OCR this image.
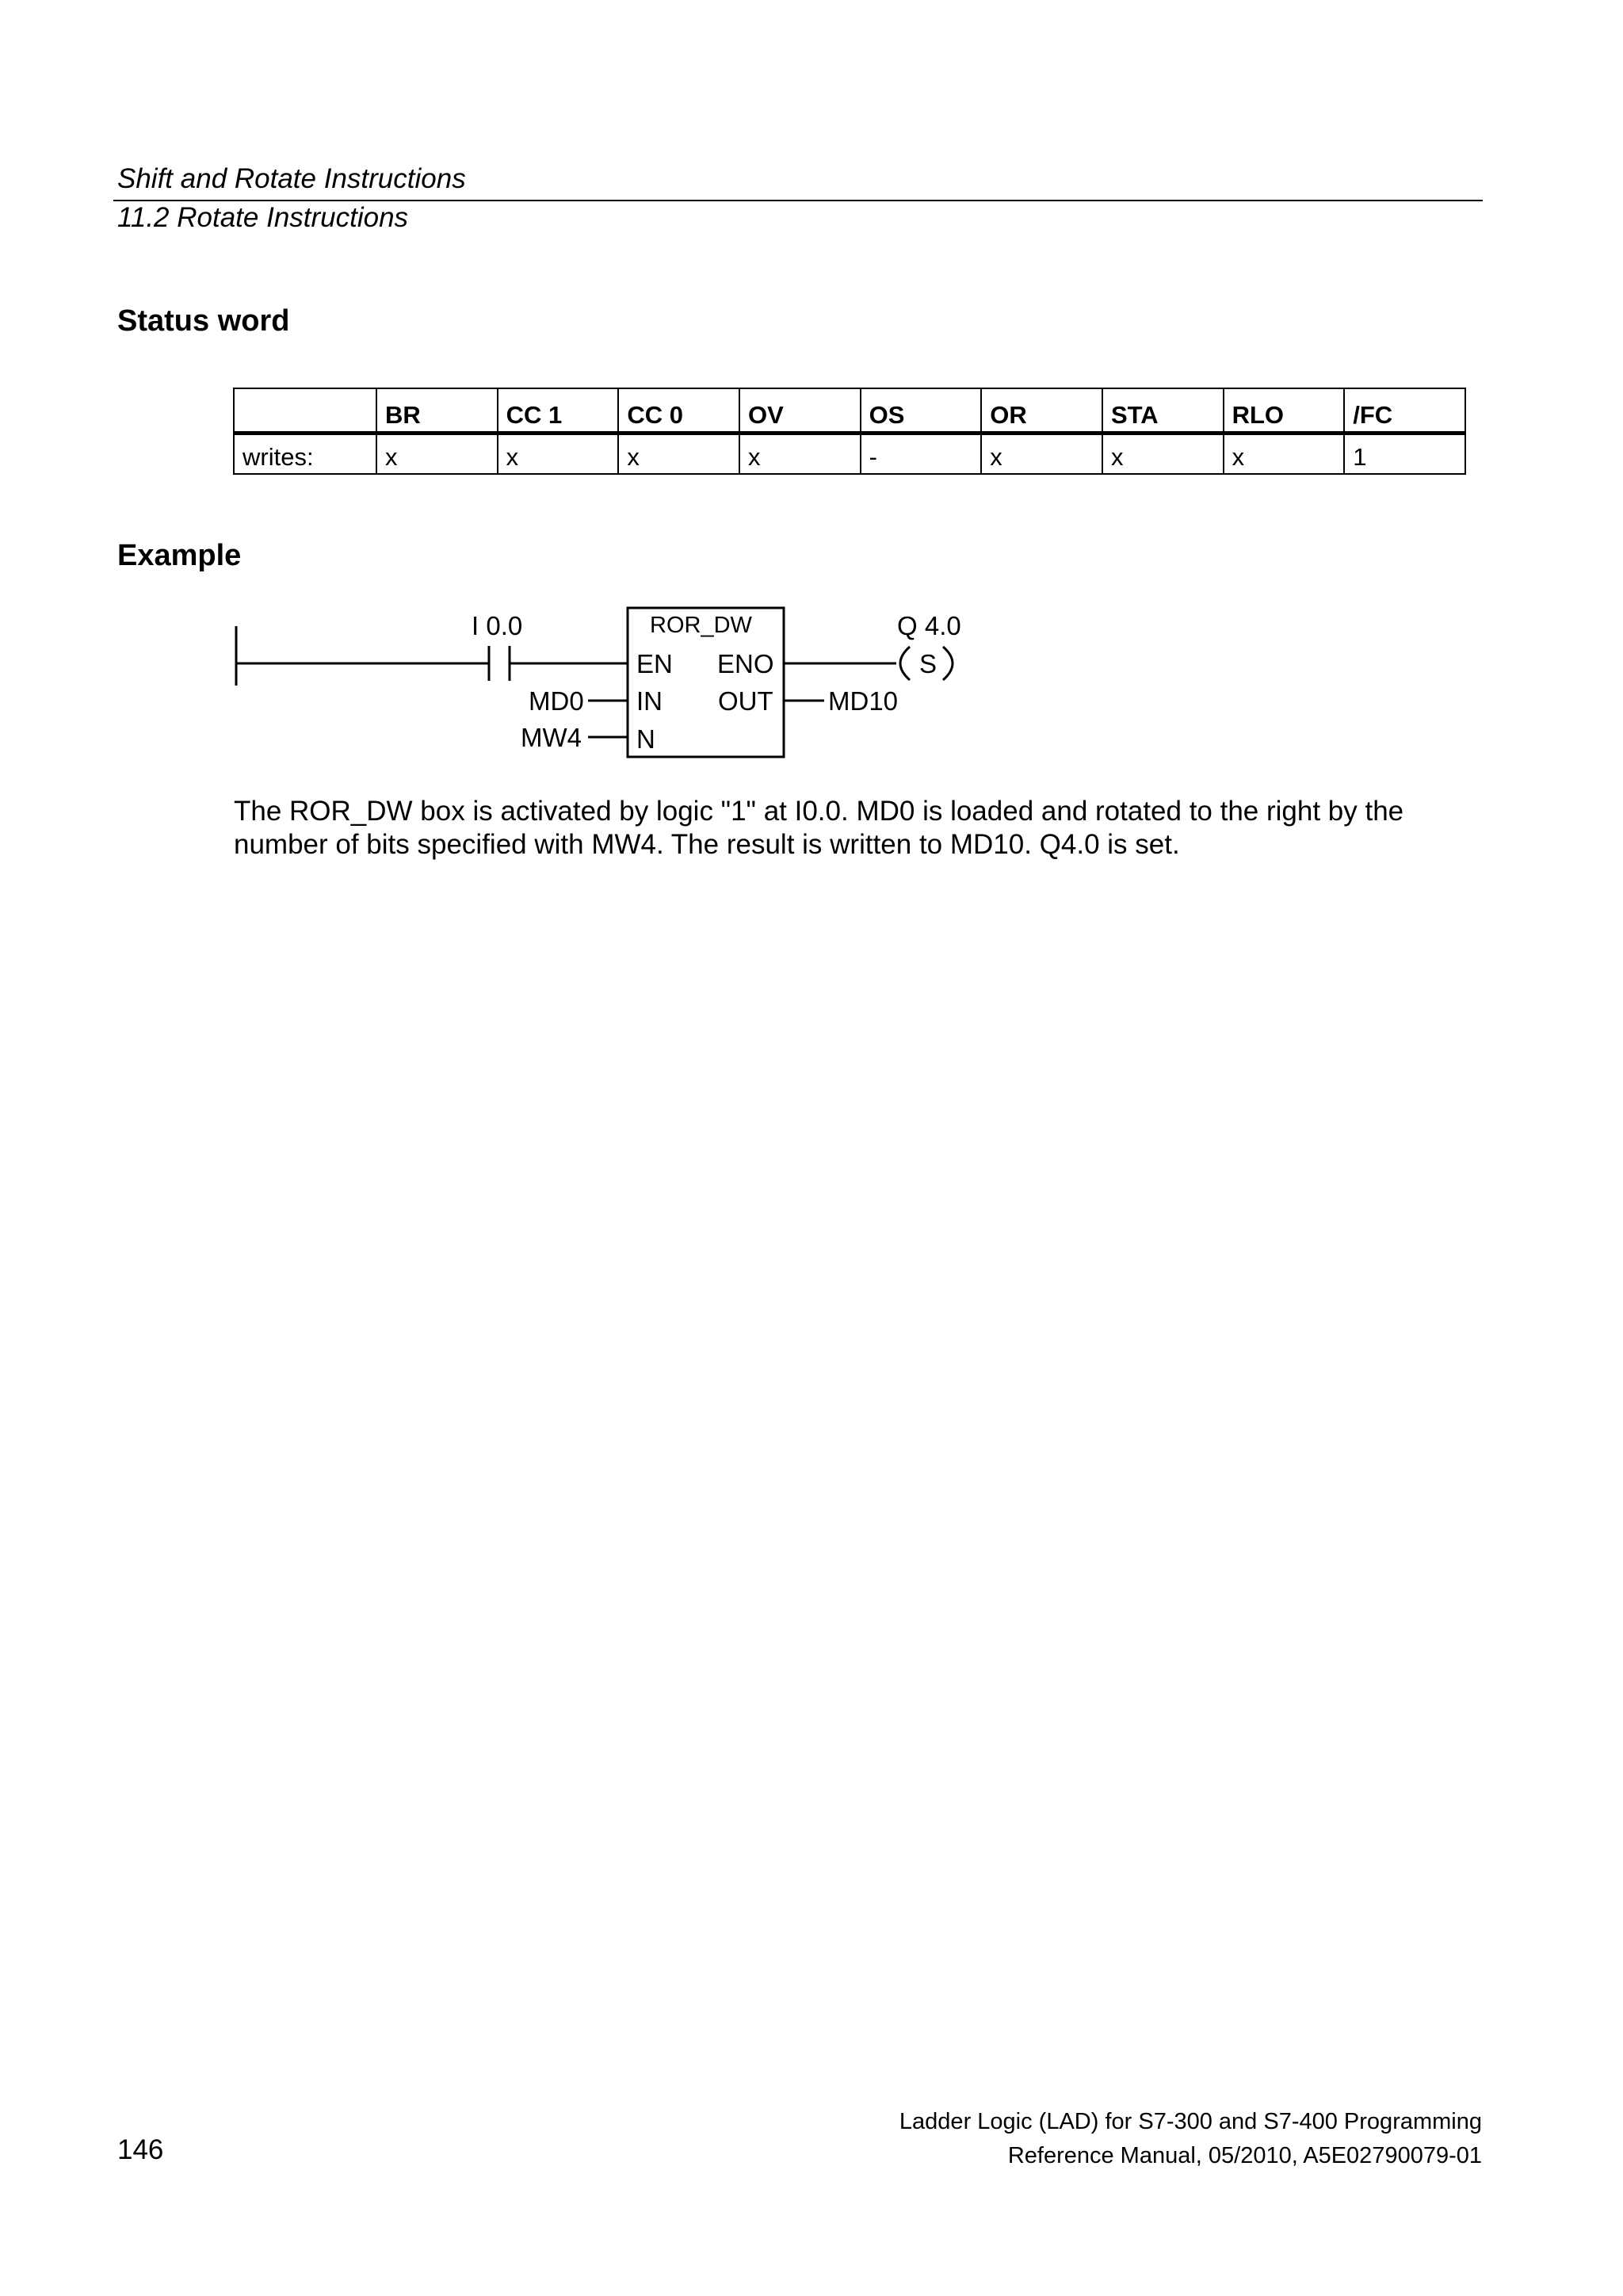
Shift and Rotate Instructions
11.2 Rotate Instructions
Status word
	BR	CC 1	CC 0	OV	OS	OR	STA	RLO	/FC
writes:	x	x	x	x	-	x	x	x	1
Example
I 0.0	ROR_DW
EN ENO
IN OUT
N
MD0
MW4
MD10
Q 4.0
S

The ROR_DW box is activated by logic "1" at I0.0. MD0 is loaded and rotated to the right by the number of bits specified with MW4. The result is written to MD10. Q4.0 is set.

Ladder Logic (LAD) for S7-300 and S7-400 Programming
Reference Manual, 05/2010, A5E02790079-01
146
